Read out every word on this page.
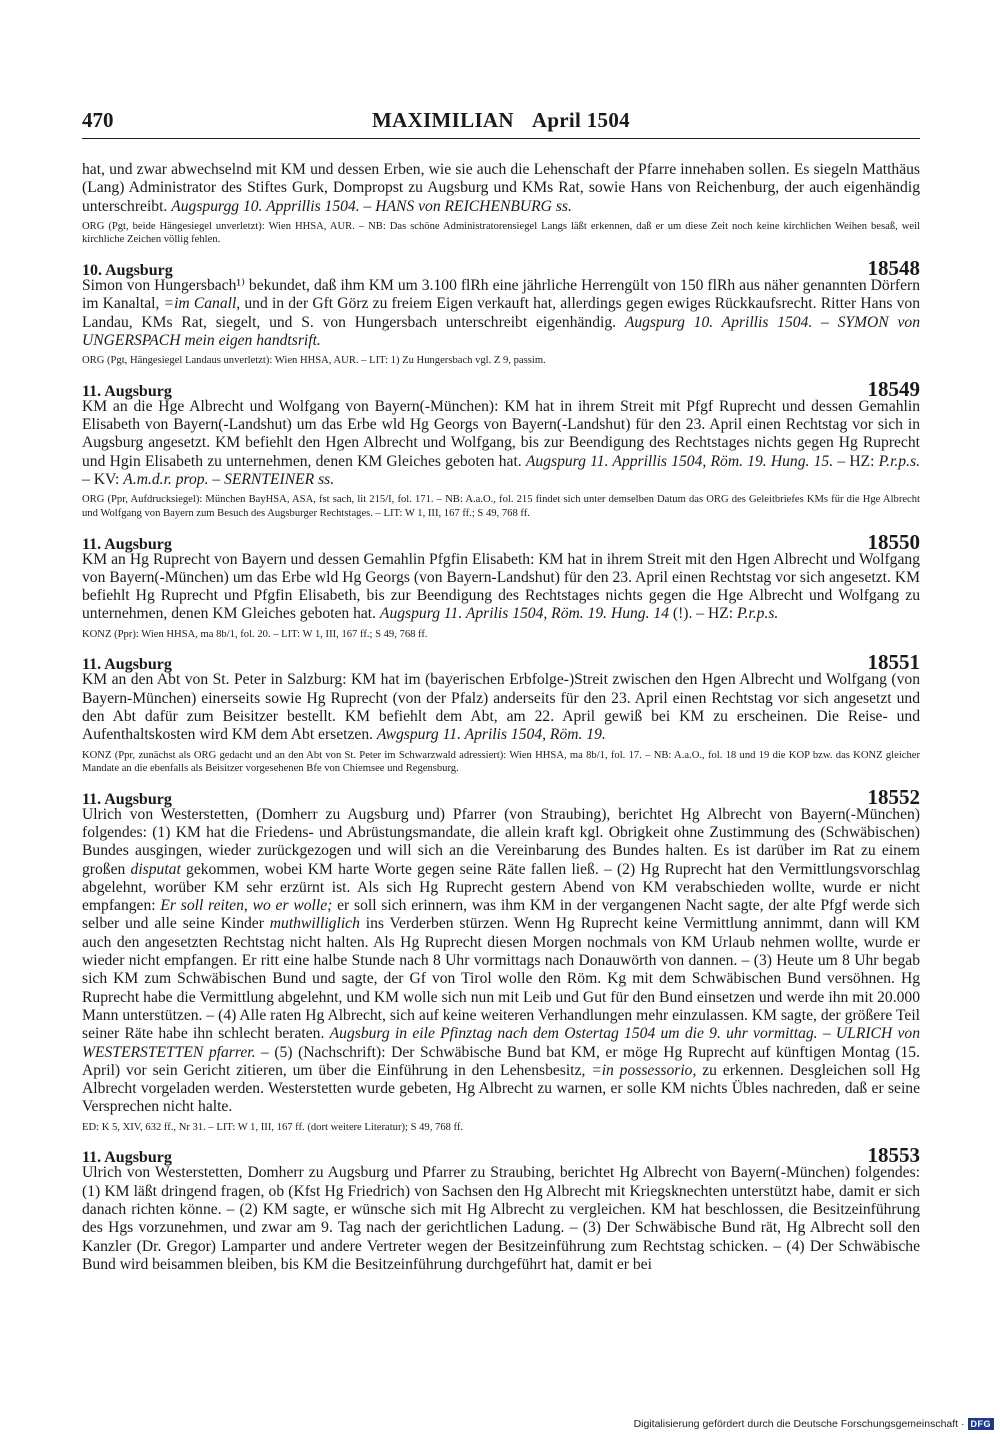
470	MAXIMILIAN April 1504

hat, und zwar abwechselnd mit KM und dessen Erben, wie sie auch die Lehenschaft der Pfarre innehaben sollen. Es siegeln Matthäus (Lang) Administrator des Stiftes Gurk, Dompropst zu Augsburg und KMs Rat, sowie Hans von Reichenburg, der auch eigenhändig unterschreibt. Augspurgg 10. Apprillis 1504. – HANS von REICHENBURG ss.

ORG (Pgt, beide Hängesiegel unverletzt): Wien HHSA, AUR. – NB: Das schöne Administratorensiegel Langs läßt erkennen, daß er um diese Zeit noch keine kirchlichen Weihen besaß, weil kirchliche Zeichen völlig fehlen.

10. Augsburg	18548

Simon von Hungersbach¹⁾ bekundet, daß ihm KM um 3.100 flRh eine jährliche Herrengült von 150 flRh aus näher genannten Dörfern im Kanaltal, =im Canall, und in der Gft Görz zu freiem Eigen verkauft hat, allerdings gegen ewiges Rückkaufsrecht. Ritter Hans von Landau, KMs Rat, siegelt, und S. von Hungersbach unterschreibt eigenhändig. Augspurg 10. Aprillis 1504. – SYMON von UNGERSPACH mein eigen handtsrift.

ORG (Pgt, Hängesiegel Landaus unverletzt): Wien HHSA, AUR. – LIT: 1) Zu Hungersbach vgl. Z 9, passim.

11. Augsburg	18549

KM an die Hge Albrecht und Wolfgang von Bayern(-München): KM hat in ihrem Streit mit Pfgf Ruprecht und dessen Gemahlin Elisabeth von Bayern(-Landshut) um das Erbe wld Hg Georgs von Bayern(-Landshut) für den 23. April einen Rechtstag vor sich in Augsburg angesetzt. KM befiehlt den Hgen Albrecht und Wolfgang, bis zur Beendigung des Rechtstages nichts gegen Hg Ruprecht und Hgin Elisabeth zu unternehmen, denen KM Gleiches geboten hat. Augspurg 11. Apprillis 1504, Röm. 19. Hung. 15. – HZ: P.r.p.s. – KV: A.m.d.r. prop. – SERNTEINER ss.

ORG (Ppr, Aufdrucksiegel): München BayHSA, ASA, fst sach, lit 215/I, fol. 171. – NB: A.a.O., fol. 215 findet sich unter demselben Datum das ORG des Geleitbriefes KMs für die Hge Albrecht und Wolfgang von Bayern zum Besuch des Augsburger Rechtstages. – LIT: W 1, III, 167 ff.; S 49, 768 ff.

11. Augsburg	18550

KM an Hg Ruprecht von Bayern und dessen Gemahlin Pfgfin Elisabeth: KM hat in ihrem Streit mit den Hgen Albrecht und Wolfgang von Bayern(-München) um das Erbe wld Hg Georgs (von Bayern-Landshut) für den 23. April einen Rechtstag vor sich angesetzt. KM befiehlt Hg Ruprecht und Pfgfin Elisabeth, bis zur Beendigung des Rechtstages nichts gegen die Hge Albrecht und Wolfgang zu unternehmen, denen KM Gleiches geboten hat. Augspurg 11. Aprilis 1504, Röm. 19. Hung. 14 (!). – HZ: P.r.p.s.

KONZ (Ppr): Wien HHSA, ma 8b/1, fol. 20. – LIT: W 1, III, 167 ff.; S 49, 768 ff.

11. Augsburg	18551

KM an den Abt von St. Peter in Salzburg: KM hat im (bayerischen Erbfolge-)Streit zwischen den Hgen Albrecht und Wolfgang (von Bayern-München) einerseits sowie Hg Ruprecht (von der Pfalz) anderseits für den 23. April einen Rechtstag vor sich angesetzt und den Abt dafür zum Beisitzer bestellt. KM befiehlt dem Abt, am 22. April gewiß bei KM zu erscheinen. Die Reise- und Aufenthaltskosten wird KM dem Abt ersetzen. Awgspurg 11. Aprilis 1504, Röm. 19.

KONZ (Ppr, zunächst als ORG gedacht und an den Abt von St. Peter im Schwarzwald adressiert): Wien HHSA, ma 8b/1, fol. 17. – NB: A.a.O., fol. 18 und 19 die KOP bzw. das KONZ gleicher Mandate an die ebenfalls als Beisitzer vorgesehenen Bfe von Chiemsee und Regensburg.

11. Augsburg	18552

Ulrich von Westerstetten, (Domherr zu Augsburg und) Pfarrer (von Straubing), berichtet Hg Albrecht von Bayern(-München) folgendes: (1) KM hat die Friedens- und Abrüstungsmandate, die allein kraft kgl. Obrigkeit ohne Zustimmung des (Schwäbischen) Bundes ausgingen, wieder zurückgezogen und will sich an die Vereinbarung des Bundes halten. Es ist darüber im Rat zu einem großen disputat gekommen, wobei KM harte Worte gegen seine Räte fallen ließ. – (2) Hg Ruprecht hat den Vermittlungsvorschlag abgelehnt, worüber KM sehr erzürnt ist. Als sich Hg Ruprecht gestern Abend von KM verabschieden wollte, wurde er nicht empfangen: Er soll reiten, wo er wolle; er soll sich erinnern, was ihm KM in der vergangenen Nacht sagte, der alte Pfgf werde sich selber und alle seine Kinder muthwilliglich ins Verderben stürzen. Wenn Hg Ruprecht keine Vermittlung annimmt, dann will KM auch den angesetzten Rechtstag nicht halten. Als Hg Ruprecht diesen Morgen nochmals von KM Urlaub nehmen wollte, wurde er wieder nicht empfangen. Er ritt eine halbe Stunde nach 8 Uhr vormittags nach Donauwörth von dannen. – (3) Heute um 8 Uhr begab sich KM zum Schwäbischen Bund und sagte, der Gf von Tirol wolle den Röm. Kg mit dem Schwäbischen Bund versöhnen. Hg Ruprecht habe die Vermittlung abgelehnt, und KM wolle sich nun mit Leib und Gut für den Bund einsetzen und werde ihn mit 20.000 Mann unterstützen. – (4) Alle raten Hg Albrecht, sich auf keine weiteren Verhandlungen mehr einzulassen. KM sagte, der größere Teil seiner Räte habe ihn schlecht beraten. Augsburg in eile Pfinztag nach dem Ostertag 1504 um die 9. uhr vormittag. – ULRICH von WESTERSTETTEN pfarrer. – (5) (Nachschrift): Der Schwäbische Bund bat KM, er möge Hg Ruprecht auf künftigen Montag (15. April) vor sein Gericht zitieren, um über die Einführung in den Lehensbesitz, =in possessorio, zu erkennen. Desgleichen soll Hg Albrecht vorgeladen werden. Westerstetten wurde gebeten, Hg Albrecht zu warnen, er solle KM nichts Übles nachreden, daß er seine Versprechen nicht halte.

ED: K 5, XIV, 632 ff., Nr 31. – LIT: W 1, III, 167 ff. (dort weitere Literatur); S 49, 768 ff.

11. Augsburg	18553

Ulrich von Westerstetten, Domherr zu Augsburg und Pfarrer zu Straubing, berichtet Hg Albrecht von Bayern(-München) folgendes: (1) KM läßt dringend fragen, ob (Kfst Hg Friedrich) von Sachsen den Hg Albrecht mit Kriegsknechten unterstützt habe, damit er sich danach richten könne. – (2) KM sagte, er wünsche sich mit Hg Albrecht zu vergleichen. KM hat beschlossen, die Besitzeinführung des Hgs vorzunehmen, und zwar am 9. Tag nach der gerichtlichen Ladung. – (3) Der Schwäbische Bund rät, Hg Albrecht soll den Kanzler (Dr. Gregor) Lamparter und andere Vertreter wegen der Besitzeinführung zum Rechtstag schicken. – (4) Der Schwäbische Bund wird beisammen bleiben, bis KM die Besitzeinführung durchgeführt hat, damit er bei

Digitalisierung gefördert durch die Deutsche Forschungsgemeinschaft · DFG
